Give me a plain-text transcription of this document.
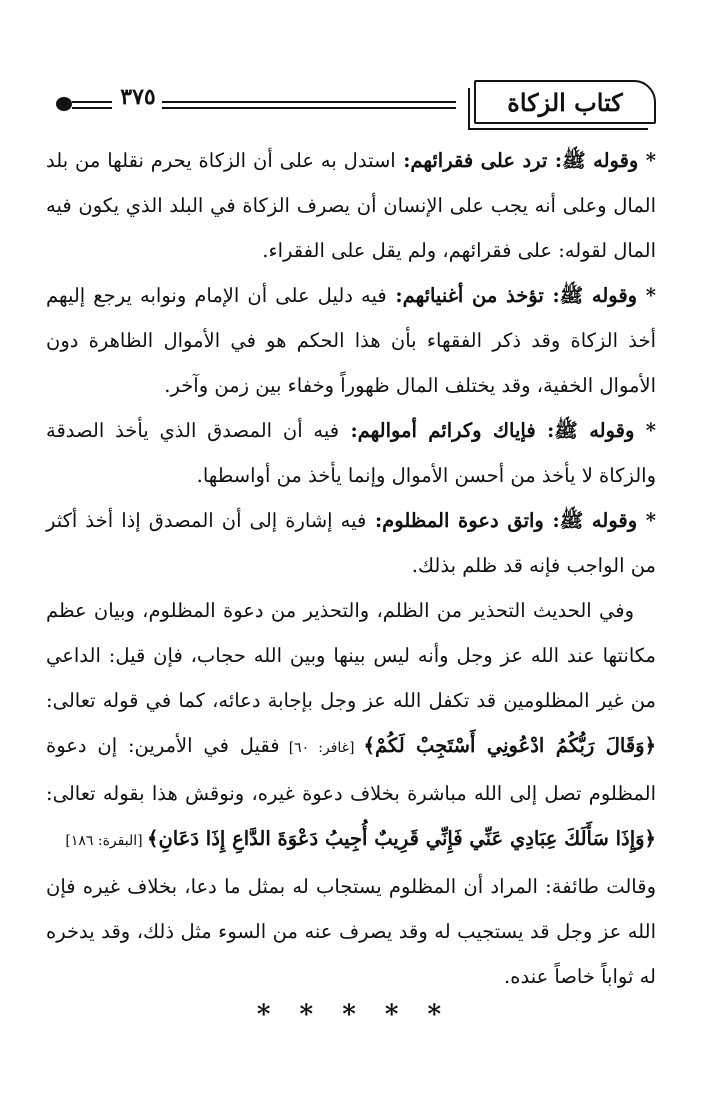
كتاب الزكاة
٣٧٥

* وقوله ﷺ: ترد على فقرائهم: استدل به على أن الزكاة يحرم نقلها من بلد المال وعلى أنه يجب على الإنسان أن يصرف الزكاة في البلد الذي يكون فيه المال لقوله: على فقرائهم، ولم يقل على الفقراء.

* وقوله ﷺ: تؤخذ من أغنيائهم: فيه دليل على أن الإمام ونوابه يرجع إليهم أخذ الزكاة وقد ذكر الفقهاء بأن هذا الحكم هو في الأموال الظاهرة دون الأموال الخفية، وقد يختلف المال ظهوراً وخفاء بين زمن وآخر.

* وقوله ﷺ: فإياك وكرائم أموالهم: فيه أن المصدق الذي يأخذ الصدقة والزكاة لا يأخذ من أحسن الأموال وإنما يأخذ من أواسطها.

* وقوله ﷺ: واتق دعوة المظلوم: فيه إشارة إلى أن المصدق إذا أخذ أكثر من الواجب فإنه قد ظلم بذلك.

وفي الحديث التحذير من الظلم، والتحذير من دعوة المظلوم، وبيان عظم مكانتها عند الله عز وجل وأنه ليس بينها وبين الله حجاب، فإن قيل: الداعي من غير المظلومين قد تكفل الله عز وجل بإجابة دعائه، كما في قوله تعالى: ﴿وَقَالَ رَبُّكُمُ ادْعُونِي أَسْتَجِبْ لَكُمْ﴾ [غافر: ٦٠] فقيل في الأمرين: إن دعوة المظلوم تصل إلى الله مباشرة بخلاف دعوة غيره، ونوقش هذا بقوله تعالى: ﴿وَإِذَا سَأَلَكَ عِبَادِي عَنِّي فَإِنِّي قَرِيبٌ أُجِيبُ دَعْوَةَ الدَّاعِ إِذَا دَعَانِ﴾ [البقرة: ١٨٦]

وقالت طائفة: المراد أن المظلوم يستجاب له بمثل ما دعا، بخلاف غيره فإن الله عز وجل قد يستجيب له وقد يصرف عنه من السوء مثل ذلك، وقد يدخره له ثواباً خاصاً عنده.

* * * * *
